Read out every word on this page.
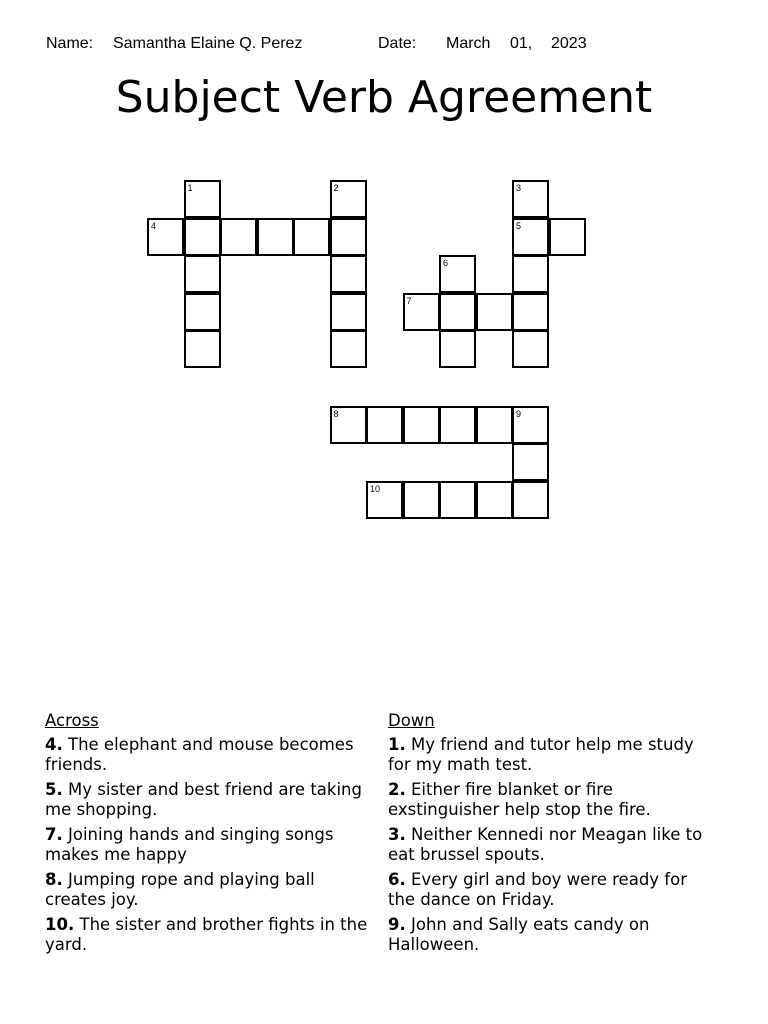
Name: Samantha Elaine Q. Perez	Date: March 01, 2023
Subject Verb Agreement
1	2	3
4	5
6
7
8	9
10
Across
4. The elephant and mouse becomes friends.
5. My sister and best friend are taking me shopping.
7. Joining hands and singing songs makes me happy
8. Jumping rope and playing ball creates joy.
10. The sister and brother fights in the yard.
Down
1. My friend and tutor help me study for my math test.
2. Either fire blanket or fire exstinguisher help stop the fire.
3. Neither Kennedi nor Meagan like to eat brussel spouts.
6. Every girl and boy were ready for the dance on Friday.
9. John and Sally eats candy on Halloween.
